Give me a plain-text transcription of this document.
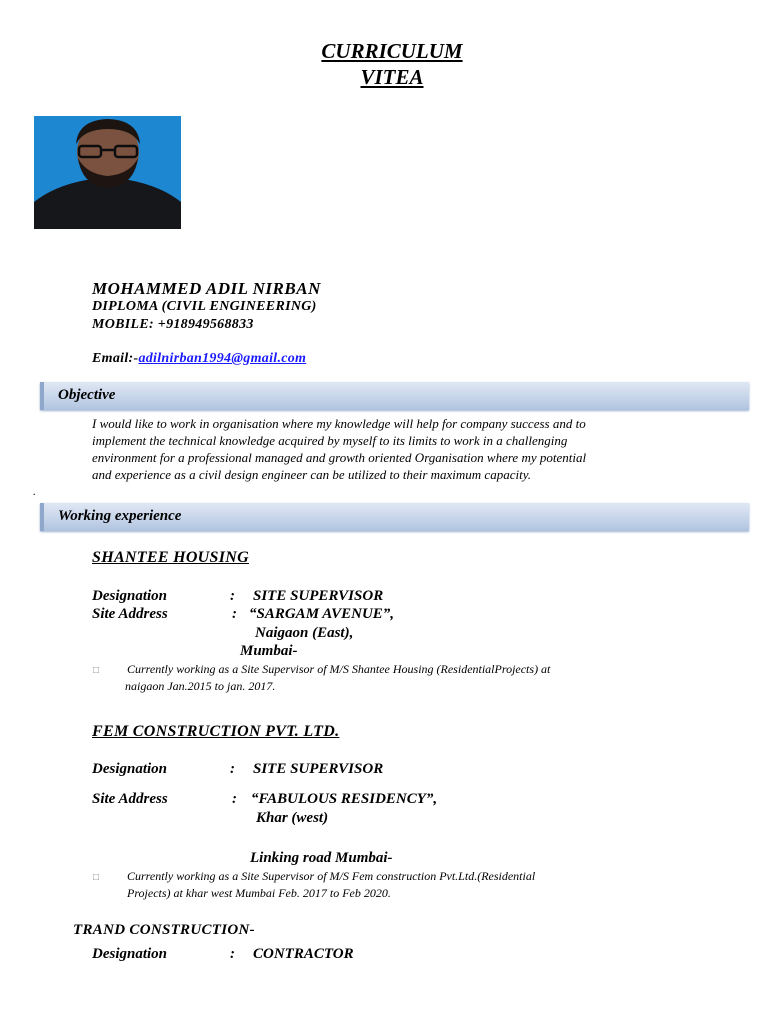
CURRICULUM
VITEA
MOHAMMED ADIL NIRBAN
DIPLOMA (CIVIL ENGINEERING)
MOBILE: +918949568833
Email:-adilnirban1994@gmail.com
Objective
I would like to work in organisation where my knowledge will help for company success and to
implement the technical knowledge acquired by myself to its limits to work in a challenging
environment for a professional managed and growth oriented Organisation where my potential
and experience as a civil design engineer can be utilized to their maximum capacity.
.
Working experience
SHANTEE HOUSING
Designation	: SITE SUPERVISOR
Site Address	: “SARGAM AVENUE”,
Naigaon (East),
Mumbai-
□ Currently working as a Site Supervisor of M/S Shantee Housing (ResidentialProjects) at
naigaon Jan.2015 to jan. 2017.
FEM CONSTRUCTION PVT. LTD.
Designation	: SITE SUPERVISOR
Site Address	: “FABULOUS RESIDENCY”,
Khar (west)
Linking road Mumbai-
□ Currently working as a Site Supervisor of M/S Fem construction Pvt.Ltd.(Residential
Projects) at khar west Mumbai Feb. 2017 to Feb 2020.
TRAND CONSTRUCTION-
Designation	: CONTRACTOR
